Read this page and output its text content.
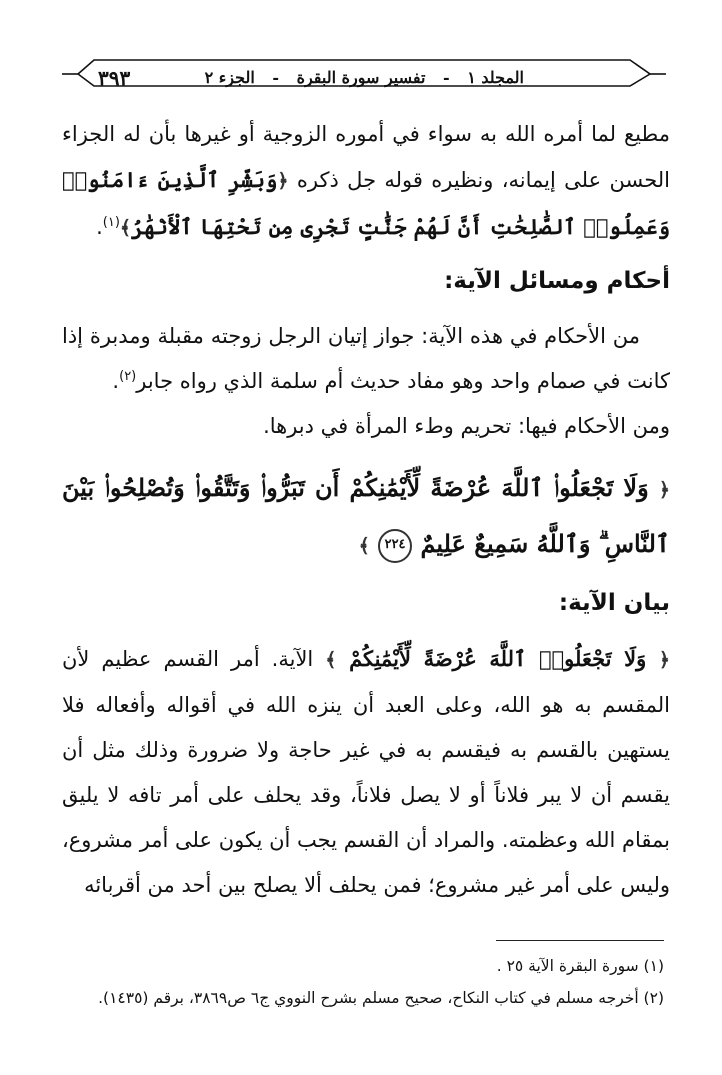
المجلد ١ - تفسير سورة البقرة - الجزء ٢
٣٩٣

مطيع لما أمره الله به سواء في أموره الزوجية أو غيرها بأن له الجزاء الحسن على إيمانه، ونظيره قوله جل ذكره ﴿وَبَشِّرِ ٱلَّذِينَ ءَامَنُوا۟ وَعَمِلُوا۟ ٱلصَّٰلِحَٰتِ أَنَّ لَهُمْ جَنَّٰتٍ تَجْرِى مِن تَحْتِهَا ٱلْأَنْهَٰرُ﴾$^{(١)}$.

أحكام ومسائل الآية:

من الأحكام في هذه الآية: جواز إتيان الرجل زوجته مقبلة ومدبرة إذا كانت في صمام واحد وهو مفاد حديث أم سلمة الذي رواه جابر$^{(٢)}$.

ومن الأحكام فيها: تحريم وطء المرأة في دبرها.

﴿ وَلَا تَجْعَلُوا۟ ٱللَّهَ عُرْضَةً لِّأَيْمَٰنِكُمْ أَن تَبَرُّوا۟ وَتَتَّقُوا۟ وَتُصْلِحُوا۟ بَيْنَ ٱلنَّاسِ ۗ وَٱللَّهُ سَمِيعٌ عَلِيمٌ ٢٢٤ ﴾
بيان الآية:

﴿ وَلَا تَجْعَلُوا۟ ٱللَّهَ عُرْضَةً لِّأَيْمَٰنِكُمْ ﴾ الآية. أمر القسم عظيم لأن المقسم به هو الله، وعلى العبد أن ينزه الله في أقواله وأفعاله فلا يستهين بالقسم به فيقسم به في غير حاجة ولا ضرورة وذلك مثل أن يقسم أن لا يبر فلاناً أو لا يصل فلاناً، وقد يحلف على أمر تافه لا يليق بمقام الله وعظمته. والمراد أن القسم يجب أن يكون على أمر مشروع، وليس على أمر غير مشروع؛ فمن يحلف ألا يصلح بين أحد من أقربائه

(١) سورة البقرة الآية ٢٥ .

(٢) أخرجه مسلم في كتاب النكاح، صحيح مسلم بشرح النووي ج٦ ص٣٨٦٩، برقم (١٤٣٥).
